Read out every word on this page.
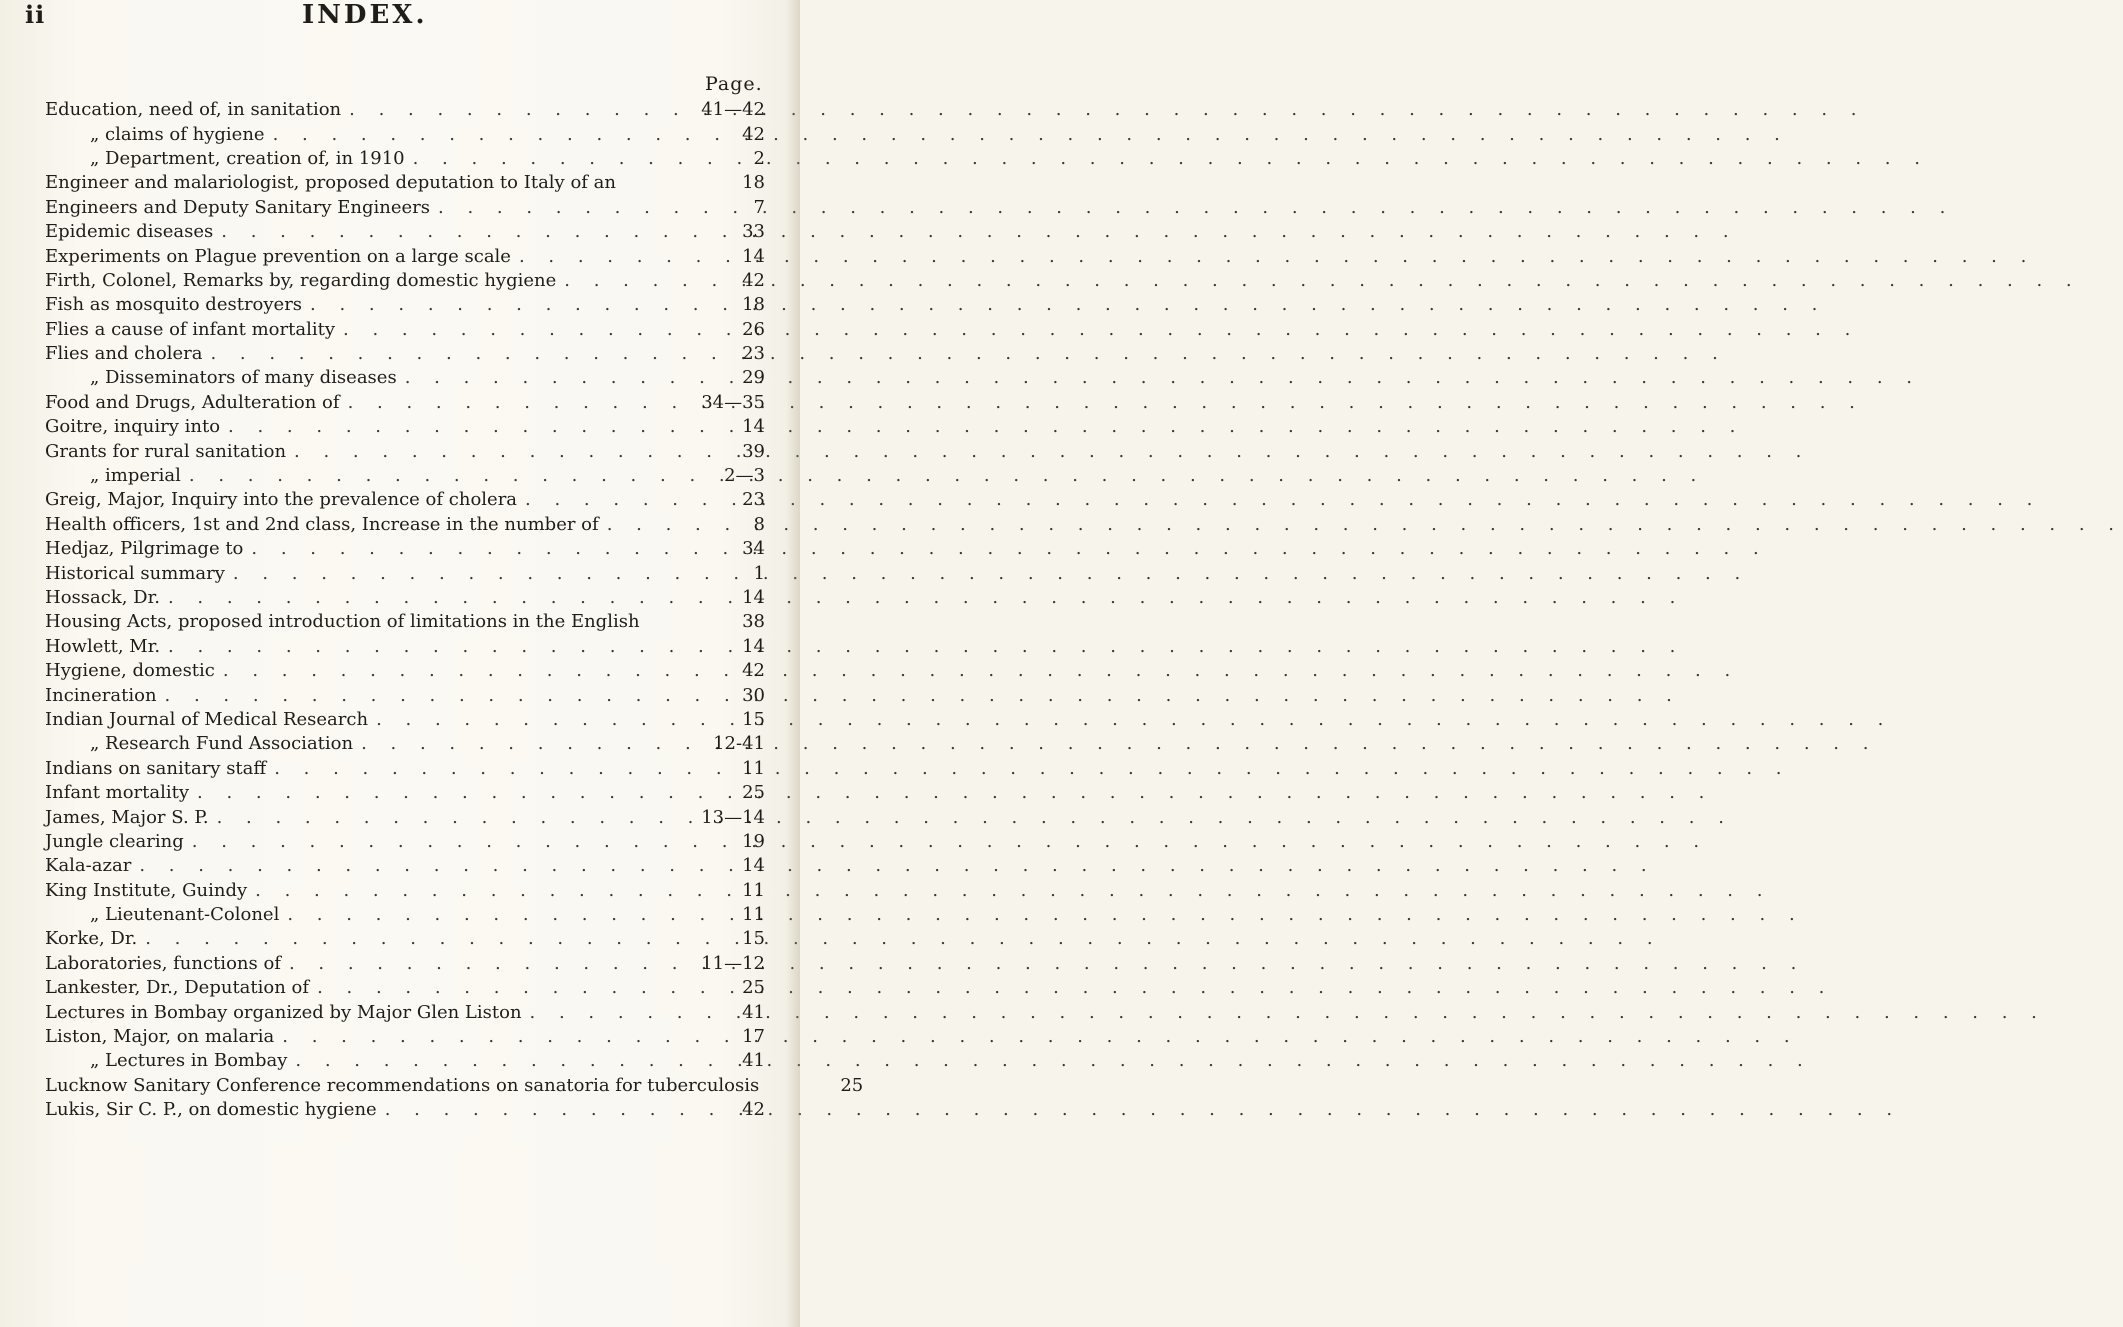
ii	INDEX.
Page.
Education, need of, in sanitation . . .	41—42
„ claims of hygiene . . .	42
„ Department, creation of, in 1910 . . .	2
Engineer and malariologist, proposed deputation to Italy of an	18
Engineers and Deputy Sanitary Engineers . . .	7
Epidemic diseases . . .	33
Experiments on Plague prevention on a large scale . . .	14
Firth, Colonel, Remarks by, regarding domestic hygiene . . .	42
Fish as mosquito destroyers . . .	18
Flies a cause of infant mortality . . .	26
Flies and cholera . . .	23
„ Disseminators of many diseases . . .	29
Food and Drugs, Adulteration of . . .	34—35
Goitre, inquiry into . . .	14
Grants for rural sanitation . . .	39
„ imperial . . .	2—3
Greig, Major, Inquiry into the prevalence of cholera . . .	23
Health officers, 1st and 2nd class, Increase in the number of . . .	8
Hedjaz, Pilgrimage to . . .	34
Historical summary . . .	1
Hossack, Dr. . . .	14
Housing Acts, proposed introduction of limitations in the English	38
Howlett, Mr. . . .	14
Hygiene, domestic . . .	42
Incineration . . .	30
Indian Journal of Medical Research . . .	15
„ Research Fund Association . . .	12-41
Indians on sanitary staff . . .	11
Infant mortality . . .	25
James, Major S. P. . . .	13—14
Jungle clearing . . .	19
Kala-azar . . .	14
King Institute, Guindy . . .	11
„ Lieutenant-Colonel . . .	11
Korke, Dr. . . .	15
Laboratories, functions of . . .	11—12
Lankester, Dr., Deputation of . . .	25
Lectures in Bombay organized by Major Glen Liston . . .	41
Liston, Major, on malaria . . .	17
„ Lectures in Bombay . . .	41
Lucknow Sanitary Conference recommendations on sanatoria for tuberculosis	25
Lukis, Sir C. P., on domestic hygiene . . .	42
